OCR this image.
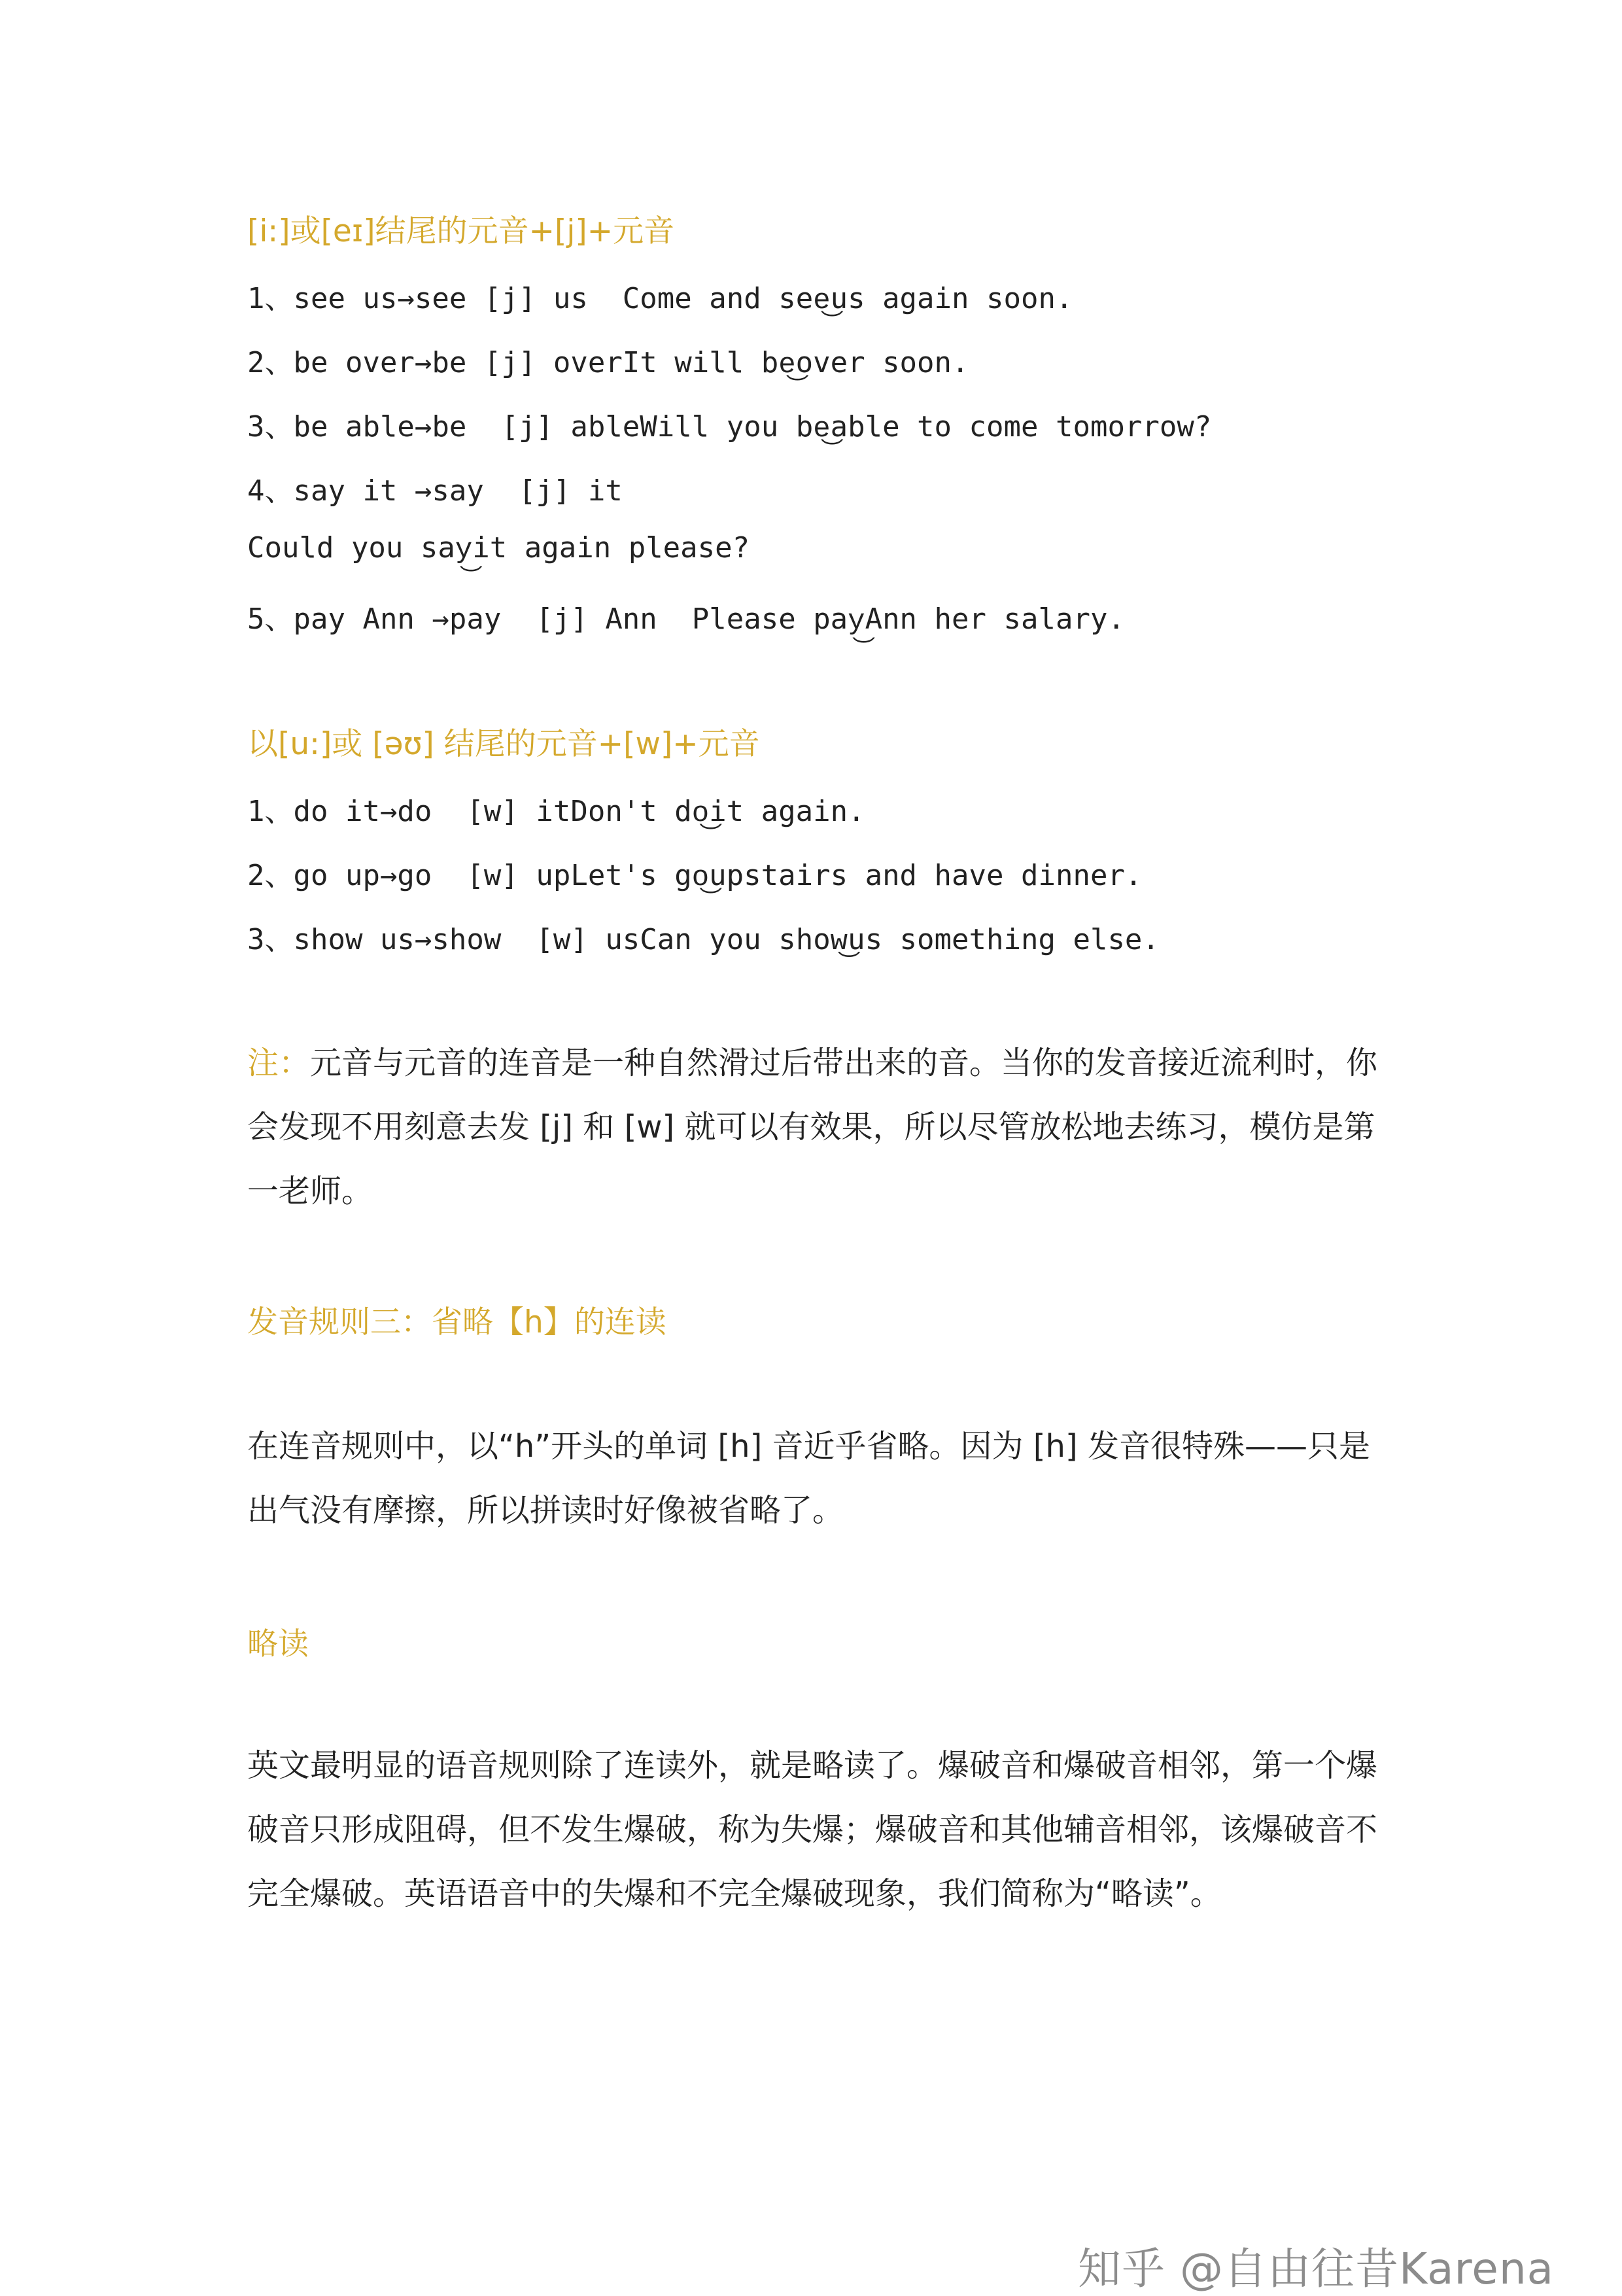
[i:]或[eɪ]结尾的元音+[j]+元音
1、see us→see [j] us  Come and see͜us again soon.
2、be over→be [j] overIt will be͜over soon.
3、be able→be  [j] ableWill you be͜able to come tomorrow?
4、say it →say  [j] it
Could you say͜it again please?
5、pay Ann →pay  [j] Ann  Please pay͜Ann her salary.
以[u:]或 [əʊ] 结尾的元音+[w]+元音
1、do it→do  [w] itDon't do͜it again.
2、go up→go  [w] upLet's go͜upstairs and have dinner.
3、show us→show  [w] usCan you show͜us something else.
注：元音与元音的连音是一种自然滑过后带出来的音。当你的发音接近流利时，你会发现不用刻意去发 [j] 和 [w] 就可以有效果，所以尽管放松地去练习，模仿是第一老师。
发音规则三：省略【h】的连读
在连音规则中，以“h”开头的单词 [h] 音近乎省略。因为 [h] 发音很特殊——只是出气没有摩擦，所以拼读时好像被省略了。
略读
英文最明显的语音规则除了连读外，就是略读了。爆破音和爆破音相邻，第一个爆破音只形成阻碍，但不发生爆破，称为失爆；爆破音和其他辅音相邻，该爆破音不完全爆破。英语语音中的失爆和不完全爆破现象，我们简称为“略读”。
知乎 @自由往昔Karena
